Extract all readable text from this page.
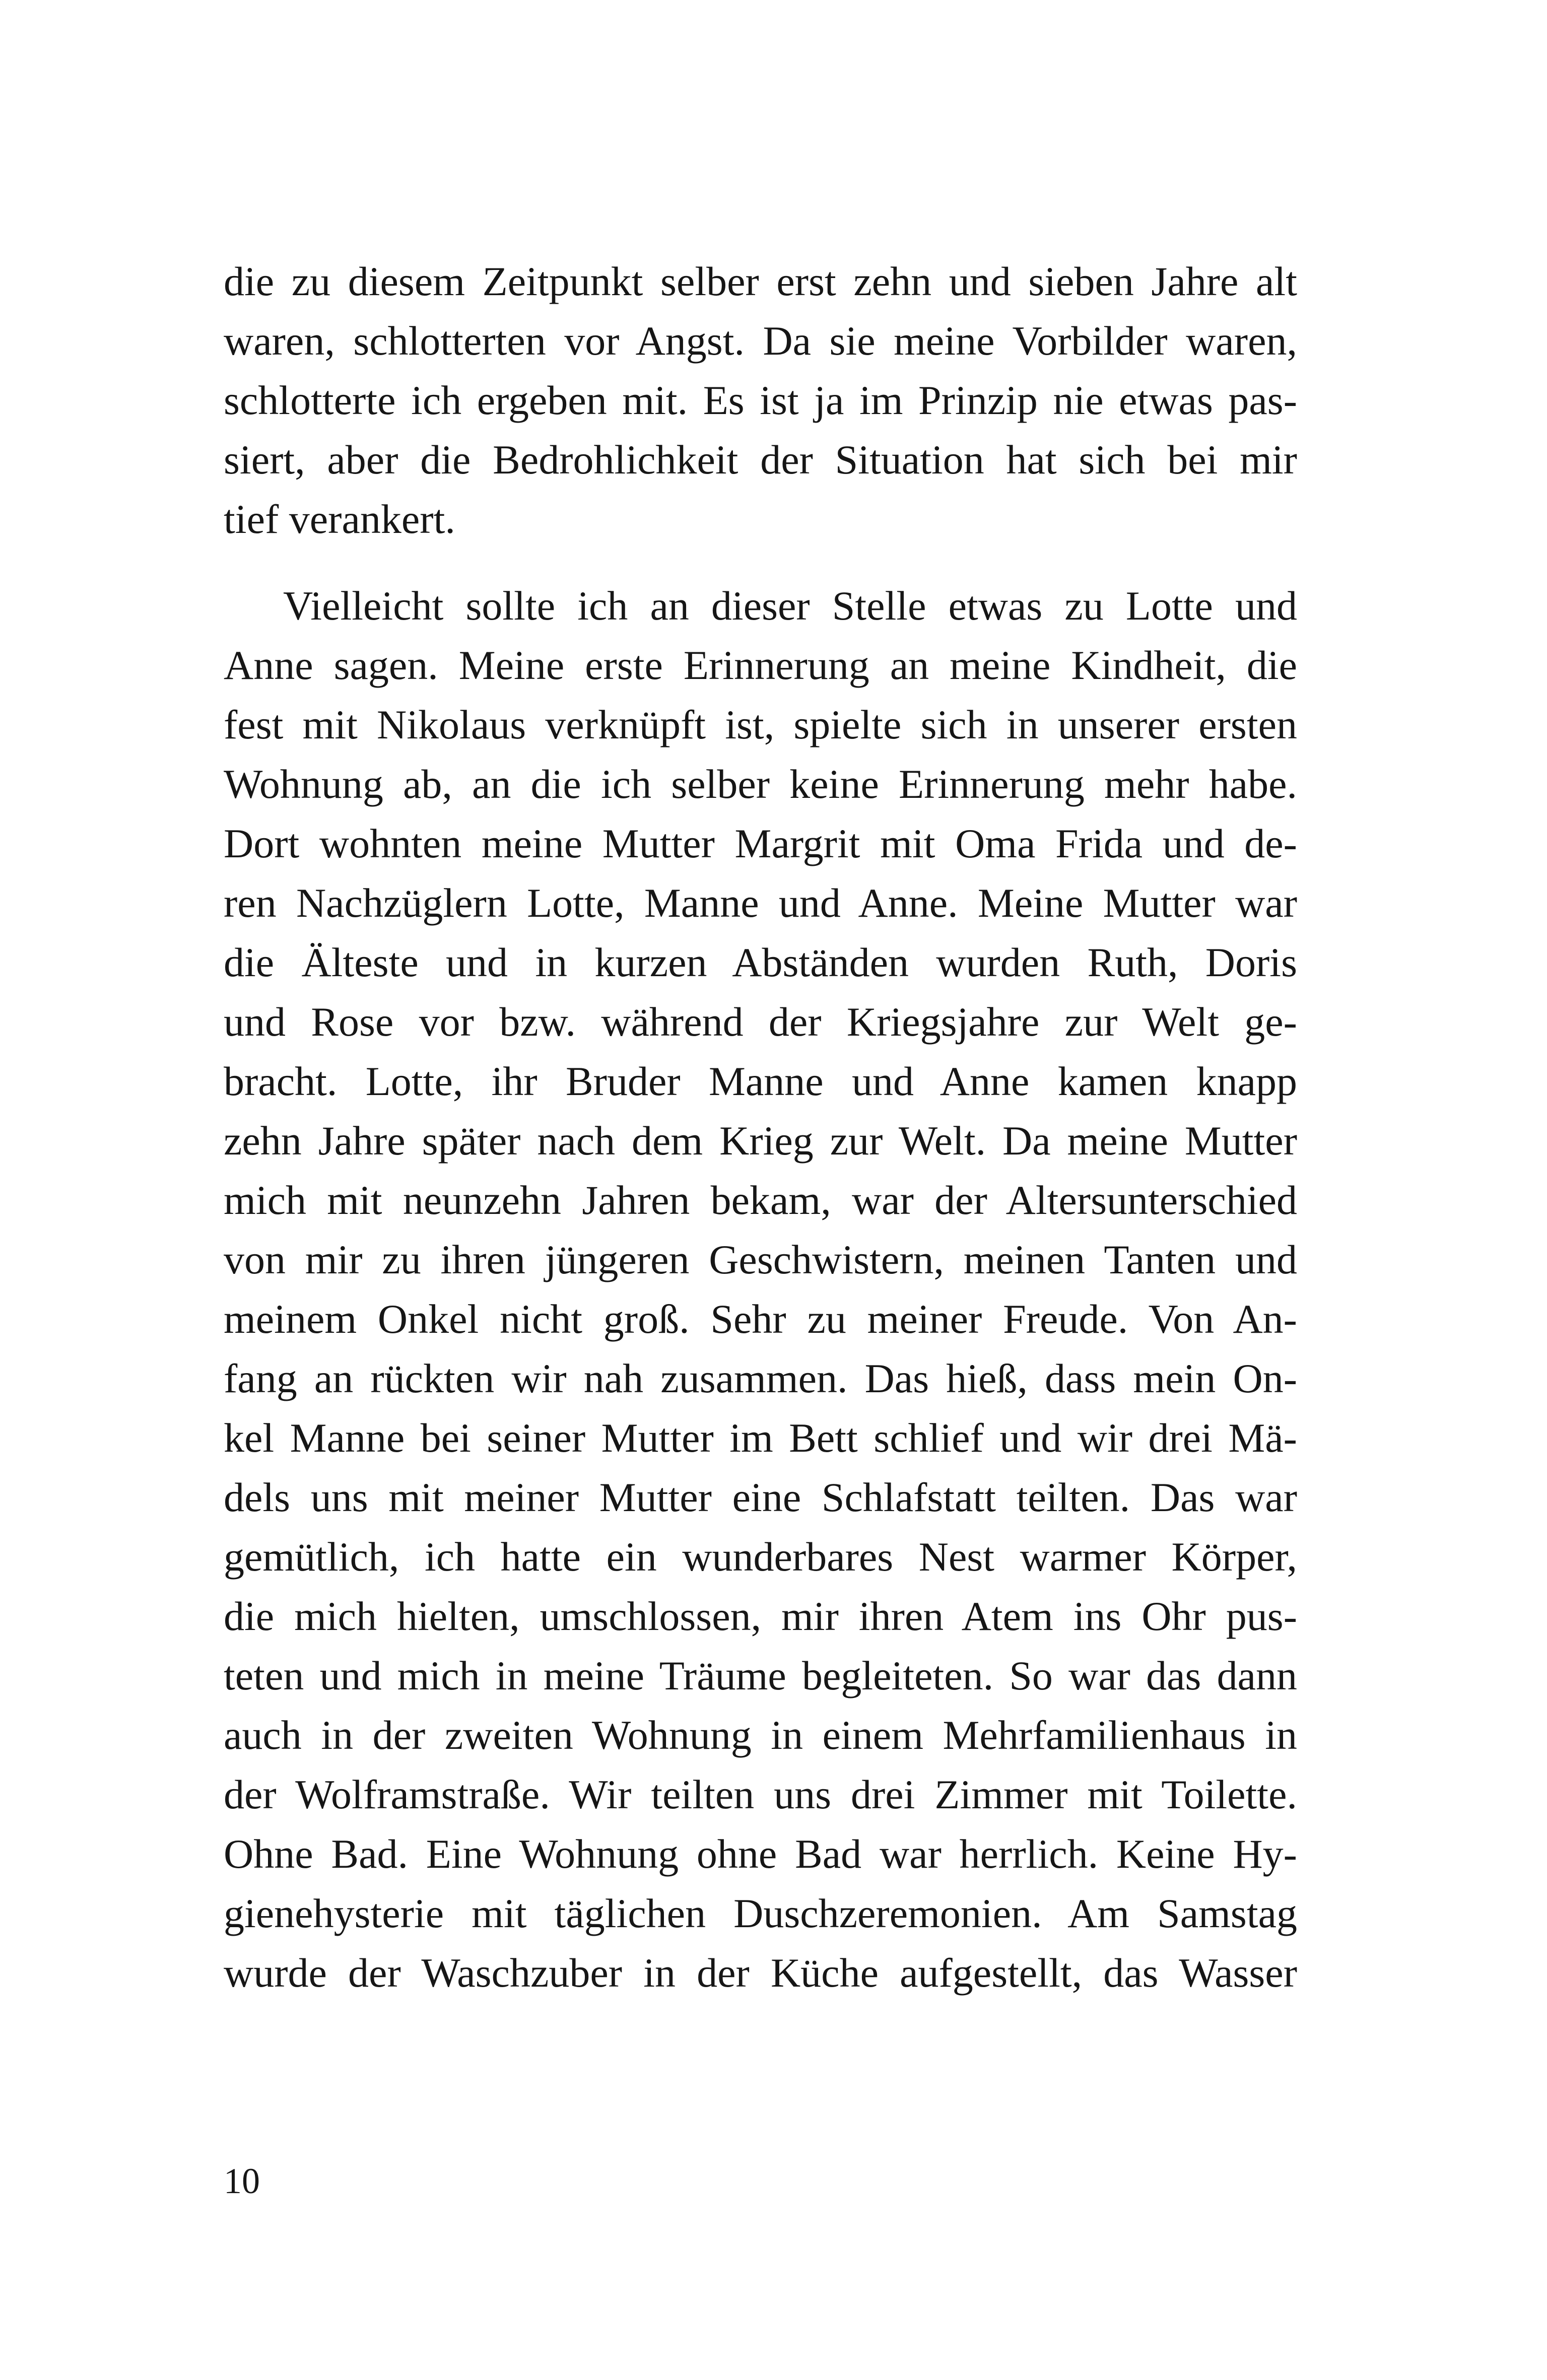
die zu diesem Zeitpunkt selber erst zehn und sieben Jahre alt
waren, schlotterten vor Angst. Da sie meine Vorbilder waren,
schlotterte ich ergeben mit. Es ist ja im Prinzip nie etwas pas-
siert, aber die Bedrohlichkeit der Situation hat sich bei mir
tief verankert.
Vielleicht sollte ich an dieser Stelle etwas zu Lotte und
Anne sagen. Meine erste Erinnerung an meine Kindheit, die
fest mit Nikolaus verknüpft ist, spielte sich in unserer ersten
Wohnung ab, an die ich selber keine Erinnerung mehr habe.
Dort wohnten meine Mutter Margrit mit Oma Frida und de-
ren Nachzüglern Lotte, Manne und Anne. Meine Mutter war
die Älteste und in kurzen Abständen wurden Ruth, Doris
und Rose vor bzw. während der Kriegsjahre zur Welt ge-
bracht. Lotte, ihr Bruder Manne und Anne kamen knapp
zehn Jahre später nach dem Krieg zur Welt. Da meine Mutter
mich mit neunzehn Jahren bekam, war der Altersunterschied
von mir zu ihren jüngeren Geschwistern, meinen Tanten und
meinem Onkel nicht groß. Sehr zu meiner Freude. Von An-
fang an rückten wir nah zusammen. Das hieß, dass mein On-
kel Manne bei seiner Mutter im Bett schlief und wir drei Mä-
dels uns mit meiner Mutter eine Schlafstatt teilten. Das war
gemütlich, ich hatte ein wunderbares Nest warmer Körper,
die mich hielten, umschlossen, mir ihren Atem ins Ohr pus-
teten und mich in meine Träume begleiteten. So war das dann
auch in der zweiten Wohnung in einem Mehrfamilienhaus in
der Wolframstraße. Wir teilten uns drei Zimmer mit Toilette.
Ohne Bad. Eine Wohnung ohne Bad war herrlich. Keine Hy-
gienehysterie mit täglichen Duschzeremonien. Am Samstag
wurde der Waschzuber in der Küche aufgestellt, das Wasser
10
